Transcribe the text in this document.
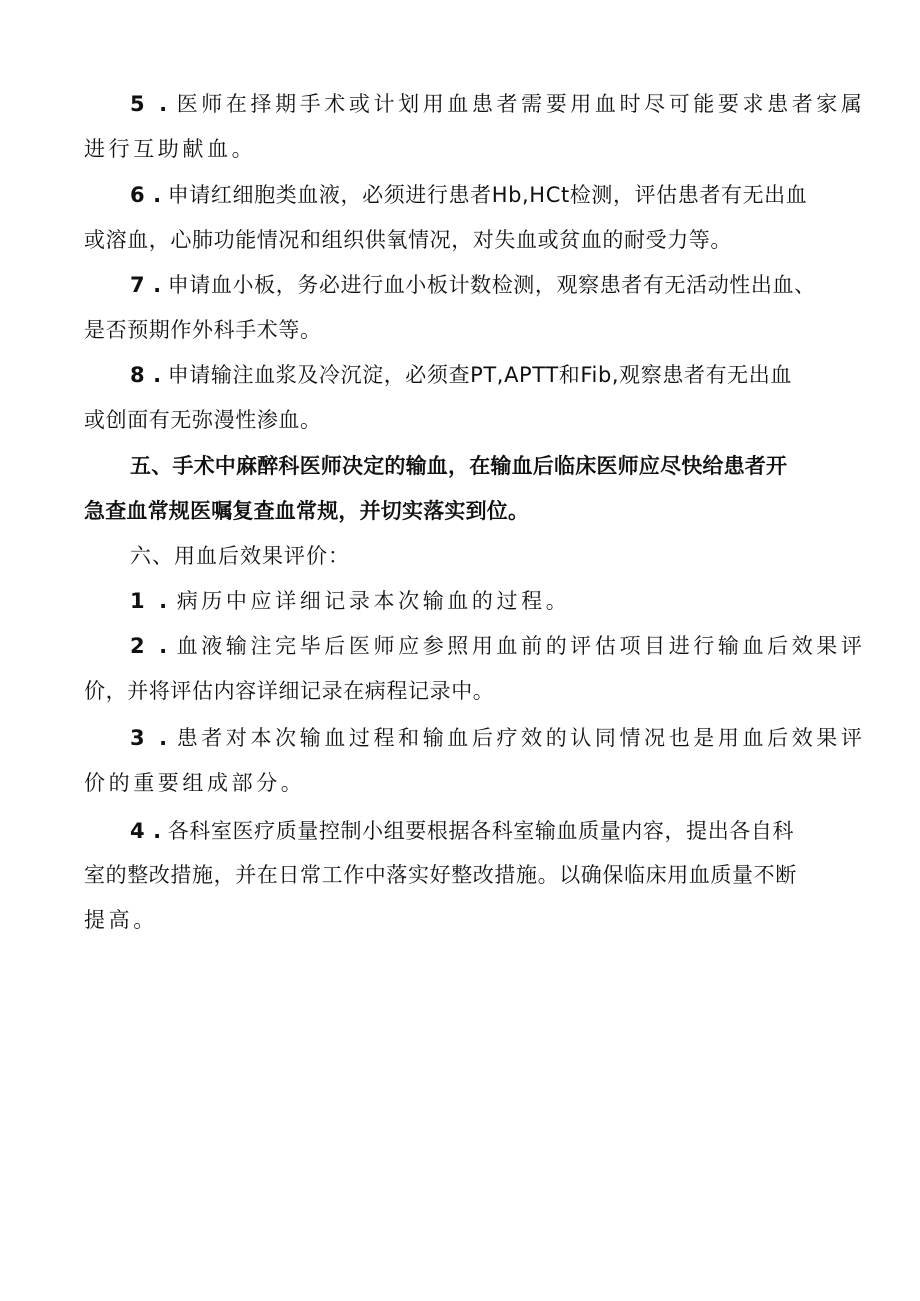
5 . 医师在择期手术或计划用血患者需要用血时尽可能要求患者家属
进行互助献血。
6 . 申请红细胞类血液，必须进行患者Hb,HCt检测，评估患者有无出血
或溶血，心肺功能情况和组织供氧情况，对失血或贫血的耐受力等。
7 . 申请血小板，务必进行血小板计数检测，观察患者有无活动性出血、
是否预期作外科手术等。
8 . 申请输注血浆及冷沉淀，必须查PT,APTT和Fib,观察患者有无出血
或创面有无弥漫性渗血。
五、手术中麻醉科医师决定的输血，在输血后临床医师应尽快给患者开
急查血常规医嘱复查血常规，并切实落实到位。
六、用血后效果评价：
1 . 病历中应详细记录本次输血的过程。
2 . 血液输注完毕后医师应参照用血前的评估项目进行输血后效果评
价，并将评估内容详细记录在病程记录中。
3 . 患者对本次输血过程和输血后疗效的认同情况也是用血后效果评
价的重要组成部分。
4 . 各科室医疗质量控制小组要根据各科室输血质量内容，提出各自科
室的整改措施，并在日常工作中落实好整改措施。以确保临床用血质量不断
提高。
